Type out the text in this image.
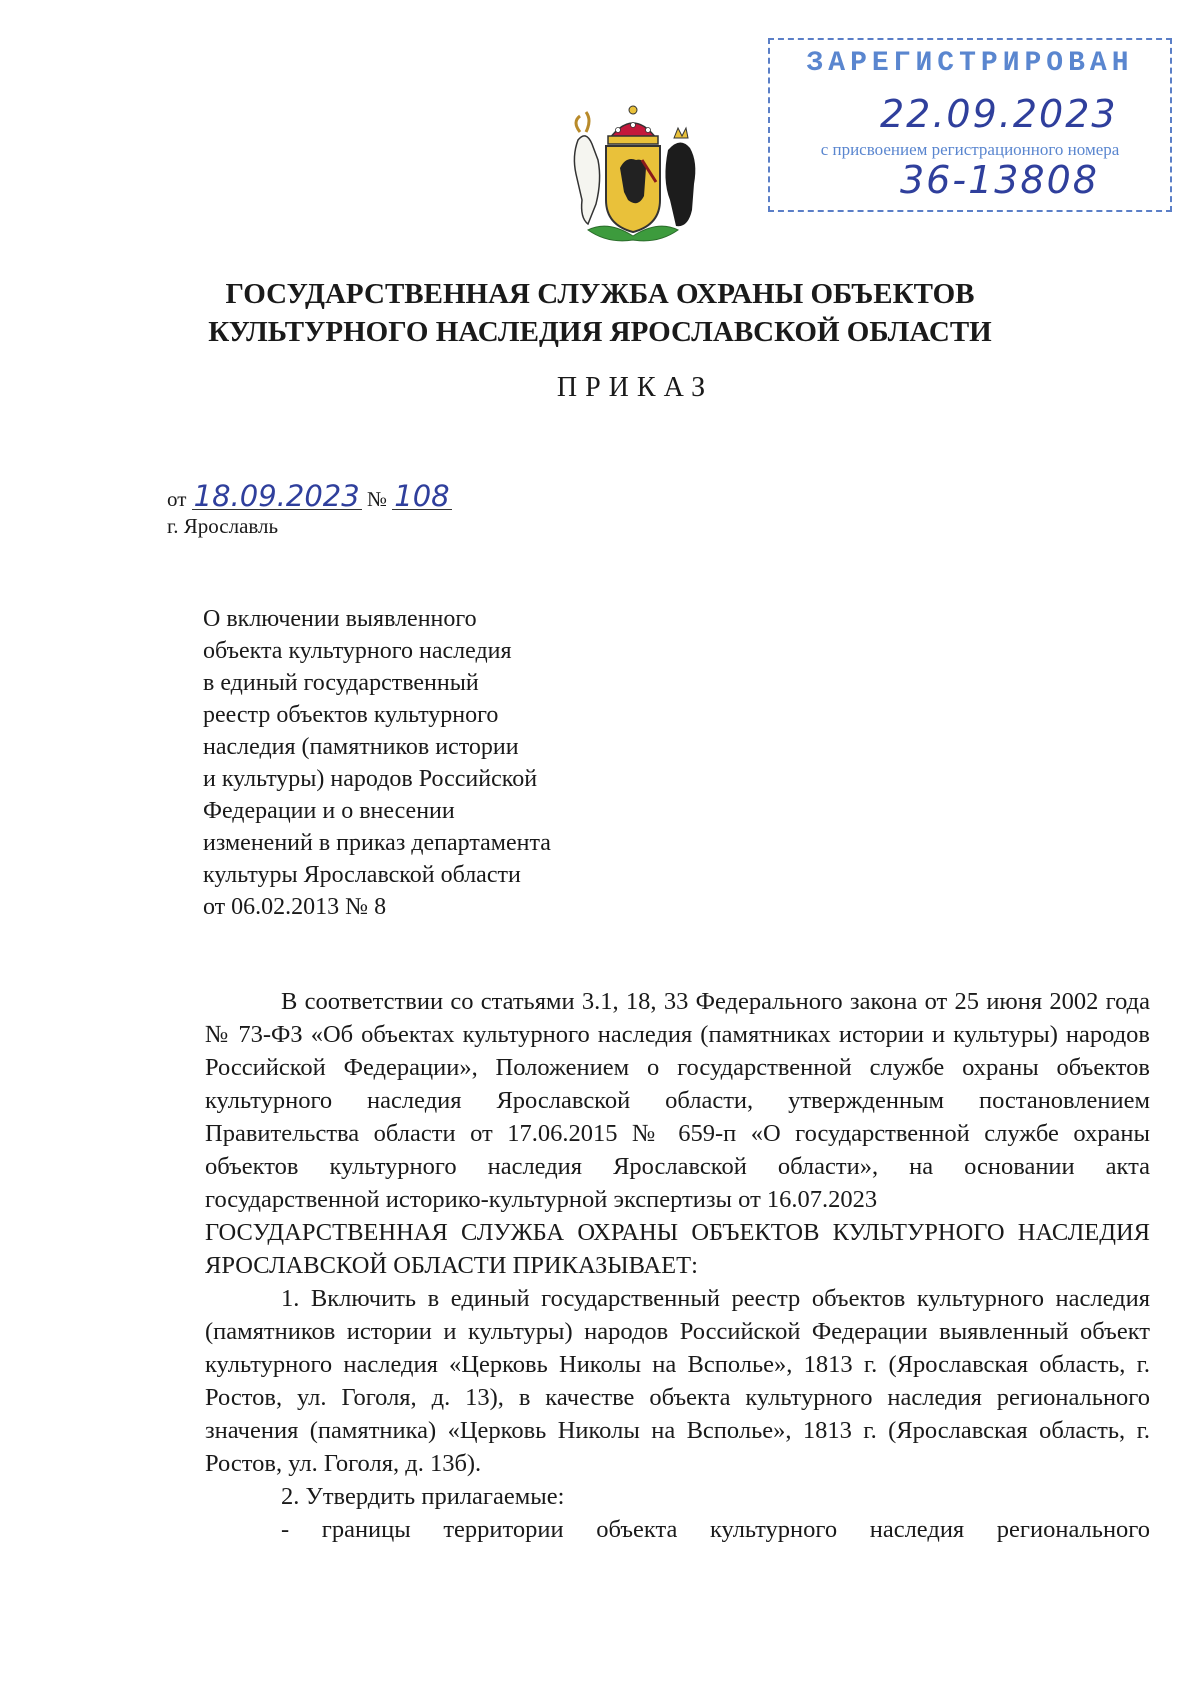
ЗАРЕГИСТРИРОВАН
22.09.2023
с присвоением регистрационного номера
36-13808
ГОСУДАРСТВЕННАЯ СЛУЖБА ОХРАНЫ ОБЪЕКТОВ
КУЛЬТУРНОГО НАСЛЕДИЯ ЯРОСЛАВСКОЙ ОБЛАСТИ
ПРИКАЗ
от 18.09.2023 № 108
г. Ярославль
О включении выявленного
объекта культурного наследия
в единый государственный
реестр объектов культурного
наследия (памятников истории
и культуры) народов Российской
Федерации и о внесении
изменений в приказ департамента
культуры Ярославской области
от 06.02.2013 № 8

В соответствии со статьями 3.1, 18, 33 Федерального закона от 25 июня 2002 года № 73-ФЗ «Об объектах культурного наследия (памятниках истории и культуры) народов Российской Федерации», Положением о государственной службе охраны объектов культурного наследия Ярославской области, утвержденным постановлением Правительства области от 17.06.2015 № 659-п «О государственной службе охраны объектов культурного наследия Ярославской области», на основании акта государственной историко-культурной экспертизы от 16.07.2023

ГОСУДАРСТВЕННАЯ СЛУЖБА ОХРАНЫ ОБЪЕКТОВ КУЛЬТУРНОГО НАСЛЕДИЯ ЯРОСЛАВСКОЙ ОБЛАСТИ ПРИКАЗЫВАЕТ:

1. Включить в единый государственный реестр объектов культурного наследия (памятников истории и культуры) народов Российской Федерации выявленный объект культурного наследия «Церковь Николы на Всполье», 1813 г. (Ярославская область, г. Ростов, ул. Гоголя, д. 13), в качестве объекта культурного наследия регионального значения (памятника) «Церковь Николы на Всполье», 1813 г. (Ярославская область, г. Ростов, ул. Гоголя, д. 13б).

2. Утвердить прилагаемые:

- границы территории объекта культурного наследия регионального
